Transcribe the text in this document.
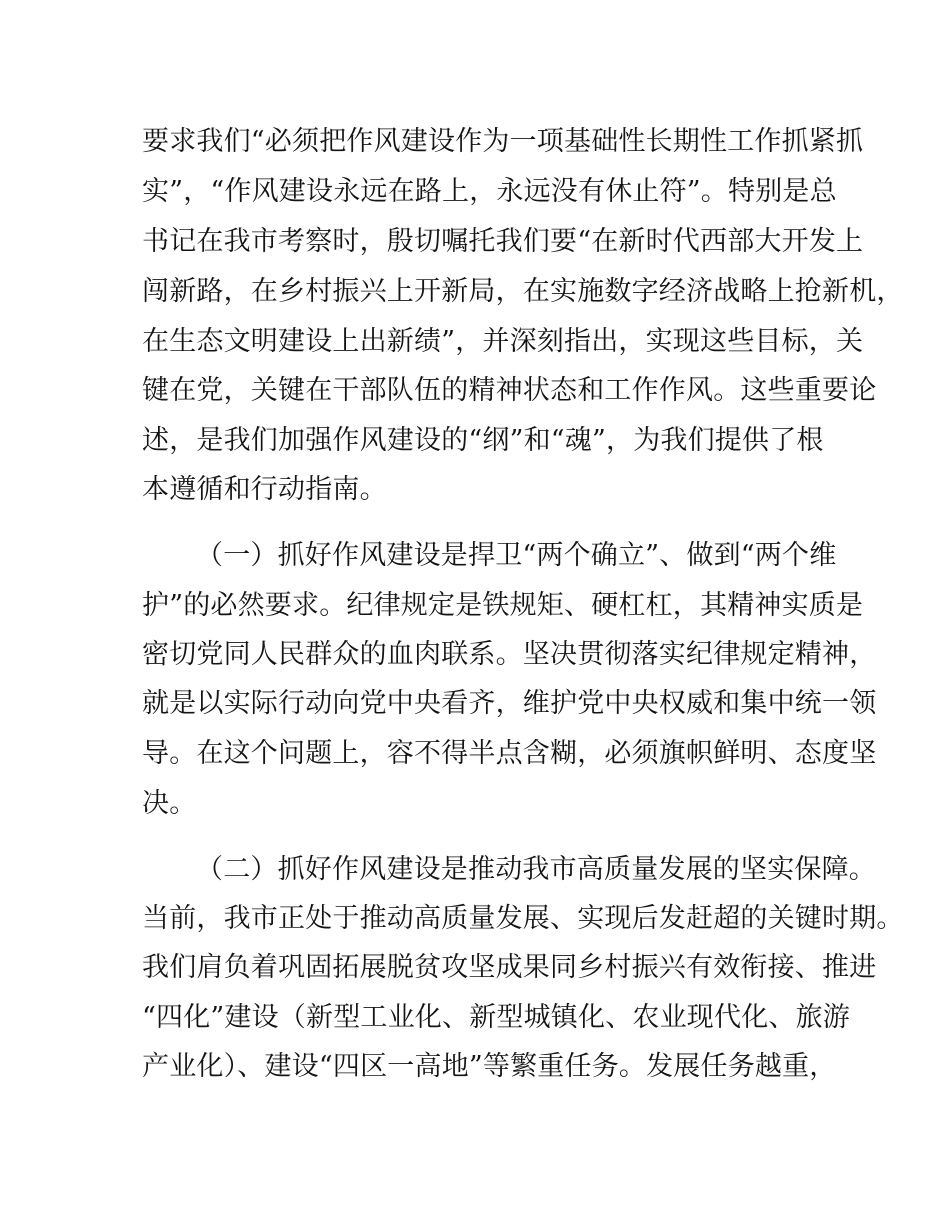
要求我们“必须把作风建设作为一项基础性长期性工作抓紧抓
实”，“作风建设永远在路上，永远没有休止符”。特别是总
书记在我市考察时，殷切嘱托我们要“在新时代西部大开发上
闯新路，在乡村振兴上开新局，在实施数字经济战略上抢新机，
在生态文明建设上出新绩”，并深刻指出，实现这些目标，关
键在党，关键在干部队伍的精神状态和工作作风。这些重要论
述，是我们加强作风建设的“纲”和“魂”，为我们提供了根
本遵循和行动指南。
（一）抓好作风建设是捍卫“两个确立”、做到“两个维
护”的必然要求。纪律规定是铁规矩、硬杠杠，其精神实质是
密切党同人民群众的血肉联系。坚决贯彻落实纪律规定精神，
就是以实际行动向党中央看齐，维护党中央权威和集中统一领
导。在这个问题上，容不得半点含糊，必须旗帜鲜明、态度坚
决。
（二）抓好作风建设是推动我市高质量发展的坚实保障。
当前，我市正处于推动高质量发展、实现后发赶超的关键时期。
我们肩负着巩固拓展脱贫攻坚成果同乡村振兴有效衔接、推进
“四化”建设（新型工业化、新型城镇化、农业现代化、旅游
产业化）、建设“四区一高地”等繁重任务。发展任务越重，
